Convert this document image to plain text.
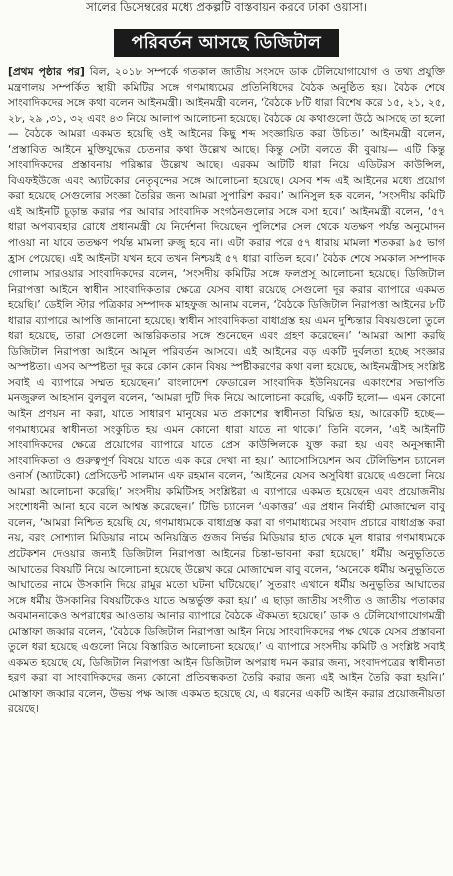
সালের ডিসেম্বরের মধ্যে প্রকল্পটি বাস্তবায়ন করবে ঢাকা ওয়াসা।

পরিবর্তন আসছে ডিজিটাল

[প্রথম পৃষ্ঠার পর] বিল, ২০১৮ সম্পর্কে গতকাল জাতীয় সংসদে ডাক টেলিযোগাযোগ ও তথ্য প্রযুক্তি মন্ত্রণালয় সম্পর্কিত স্থায়ী কমিটির সঙ্গে গণমাধ্যমের প্রতিনিধিদের বৈঠক অনুষ্ঠিত হয়। বৈঠক শেষে সাংবাদিকদের সঙ্গে কথা বলেন আইনমন্ত্রী। আইনমন্ত্রী বলেন, ‘বৈঠকে ৮টি ধারা বিশেষ করে ১৫, ২১, ২৫, ২৮, ২৯ ,৩১, ৩২ এবং ৪৩ নিয়ে আলাপ আলোচনা হয়েছে। বৈঠকে যে কথাগুলো উঠে আসছে তা হলো— বৈঠকে আমরা একমত হয়েছি ওই আইনের কিছু শব্দ সংজ্ঞায়িত করা উচিত।’ আইনমন্ত্রী বলেন, ‘প্রস্তাবিত আইনে মুক্তিযুদ্ধের চেতনার কথা উল্লেখ আছে। কিন্তু সেটা বলতে কী বুঝায়— এটি কিন্তু সাংবাদিকদের প্রস্তাবনায় পরিষ্কার উল্লেখ আছে। এরকম আটটি ধারা নিয়ে এডিটরস কাউন্সিল, বিএফইউজে এবং অ্যাটকোর নেতৃবৃন্দের সঙ্গে আলোচনা হয়েছে। যেসব শব্দ এই আইনের মধ্যে প্রয়োগ করা হয়েছে সেগুলোর সংজ্ঞা তৈরির জন্য আমরা সুপারিশ করব।’ আনিসুল হক বলেন, ‘সংসদীয় কমিটি এই আইনটি চূড়ান্ত করার পর আবার সাংবাদিক সংগঠনগুলোর সঙ্গে বসা হবে।’ আইনমন্ত্রী বলেন, ‘৫৭ ধারা অপব্যবহার রোধে প্রধানমন্ত্রী যে নির্দেশনা দিয়েছেন পুলিশের সেল থেকে যতক্ষণ পর্যন্ত অনুমোদন পাওয়া না যাবে ততক্ষণ পর্যন্ত মামলা রুজু হবে না। এটা করার পরে ৫৭ ধারায় মামলা শতকরা ৯৫ ভাগ হ্রাস পেয়েছে। এই আইনটা যখন হবে তখন নিশ্চয়ই ৫৭ ধারা বাতিল হবে।’ বৈঠক শেষে সমকাল সম্পাদক গোলাম সারওয়ার সাংবাদিকদের বলেন, ‘সংসদীয় কমিটির সঙ্গে ফলপ্রসূ আলোচনা হয়েছে। ডিজিটাল নিরাপত্তা আইনে স্বাধীন সাংবাদিকতার ক্ষেত্রে যেসব বাধা রয়েছে সেগুলো দূর করার ব্যাপারে একমত হয়েছি।’ ডেইলি স্টার পত্রিকার সম্পাদক মাহফুজ আনাম বলেন, ‘বৈঠকে ডিজিটাল নিরাপত্তা আইনের ৮টি ধারার ব্যাপারে আপত্তি জানানো হয়েছে। স্বাধীন সাংবাদিকতা বাধাগ্রস্ত হয় এমন দুশ্চিন্তার বিষয়গুলো তুলে ধরা হয়েছে, তারা সেগুলো আন্তরিকতার সঙ্গে শুনেছেন এবং গ্রহণ করেছেন।’ ‘আমরা আশা করছি ডিজিটাল নিরাপত্তা আইনে আমূল পরিবর্তন আসবে। এই আইনের বড় একটি দুর্বলতা হচ্ছে সংজ্ঞার অস্পষ্টতা। এসব অস্পষ্টতা দূর করে কোন কোন বিষয় স্পষ্টীকরণের কথা বলা হয়েছে, আইনমন্ত্রীসহ সংশ্লিষ্ট সবাই এ ব্যাপারে সম্মত হয়েছেন।’ বাংলাদেশ ফেডারেল সাংবাদিক ইউনিয়নের একাংশের সভাপতি মনজুরুল আহসান বুলবুল বলেন, ‘আমরা দুটি দিক নিয়ে আলোচনা করেছি, একটি হলো— এমন কোনো আইন প্রণয়ন না করা, যাতে সাধারণ মানুষের মত প্রকাশের স্বাধীনতা বিঘ্নিত হয়, আরেকটি হচ্ছে— গণমাধ্যমের স্বাধীনতা সংকুচিত হয় এমন কোনো ধারা যাতে না থাকে।’ তিনি বলেন, ‘এই আইনটি সাংবাদিকদের ক্ষেত্রে প্রয়োগের ব্যাপারে যাতে প্রেস কাউন্সিলকে যুক্ত করা হয় এবং অনুসন্ধানী সাংবাদিকতা ও গুরুত্বপূর্ণ বিষয়ে যাতে এক করে দেখা না হয়।’ অ্যাসোসিয়েশন অব টেলিভিশন চ্যানেল ওনার্স (অ্যাটকো) প্রেসিডেন্ট সালমান এফ রহমান বলেন, ‘আইনের যেসব অসুবিধা রয়েছে এগুলো নিয়ে আমরা আলোচনা করেছি।’ সংসদীয় কমিটিসহ সংশ্লিষ্টরা এ ব্যাপারে একমত হয়েছেন এবং প্রয়োজনীয় সংশোধনী আনা হবে বলে আশ্বস্ত করেছেন।’ টিভি চ্যানেল ‘একাত্তর’ এর প্রধান নির্বাহী মোজাম্মেল বাবু বলেন, ‘আমরা নিশ্চিত হয়েছি যে, গণমাধ্যমকে বাধাগ্রস্ত করা বা গণমাধ্যমের সংবাদ প্রচারে বাধাগ্রস্ত করা নয়, বরং সোশ্যাল মিডিয়ার নামে অনিয়ন্ত্রিত গুজব নির্ভর মিডিয়ার হাত থেকে মূল ধারার গণমাধ্যমকে প্রটেকশন দেওয়ার জন্যই ডিজিটাল নিরাপত্তা আইনের চিন্তা-ভাবনা করা হয়েছে।’ ধর্মীয় অনুভূতিতে আঘাতের বিষয়টি নিয়ে আলোচনা হয়েছে উল্লেখ করে মোজাম্মেল বাবু বলেন, ‘অনেকে ধর্মীয় অনুভূতিতে আঘাতের নামে উসকানি দিয়ে রামুর মতো ঘটনা ঘটিয়েছে।’ সুতরাং এখানে ধর্মীয় অনুভূতির আঘাতের সঙ্গে ধর্মীয় উসকানির বিষয়টিকেও যাতে অন্তর্ভুক্ত করা হয়।’ এ ছাড়া জাতীয় সংগীত ও জাতীয় পতাকার অবমাননাকেও অপরাধের আওতায় আনার ব্যাপারে বৈঠকে ঐকমত্য হয়েছে।’ ডাক ও টেলিযোগাযোগমন্ত্রী মোস্তাফা জব্বার বলেন, ‘বৈঠকে ডিজিটাল নিরাপত্তা আইন নিয়ে সাংবাদিকদের পক্ষ থেকে যেসব প্রস্তাবনা তুলে ধরা হয়েছে এগুলো নিয়ে বিস্তারিত আলোচনা হয়েছে।’ এ ব্যাপারে সংসদীয় কমিটি ও সংশ্লিষ্ট সবাই একমত হয়েছে যে, ডিজিটাল নিরাপত্তা আইন ডিজিটাল অপরাধ দমন করার জন্য, সংবাদপত্রের স্বাধীনতা হরণ করা বা সাংবাদিকদের জন্য কোনো প্রতিবন্ধকতা তৈরি করার জন্য এই আইন তৈরি করা হয়নি।’ মোস্তাফা জব্বার বলেন, উভয় পক্ষ আজ একমত হয়েছে যে, এ ধরনের একটি আইন করার প্রয়োজনীয়তা রয়েছে।
